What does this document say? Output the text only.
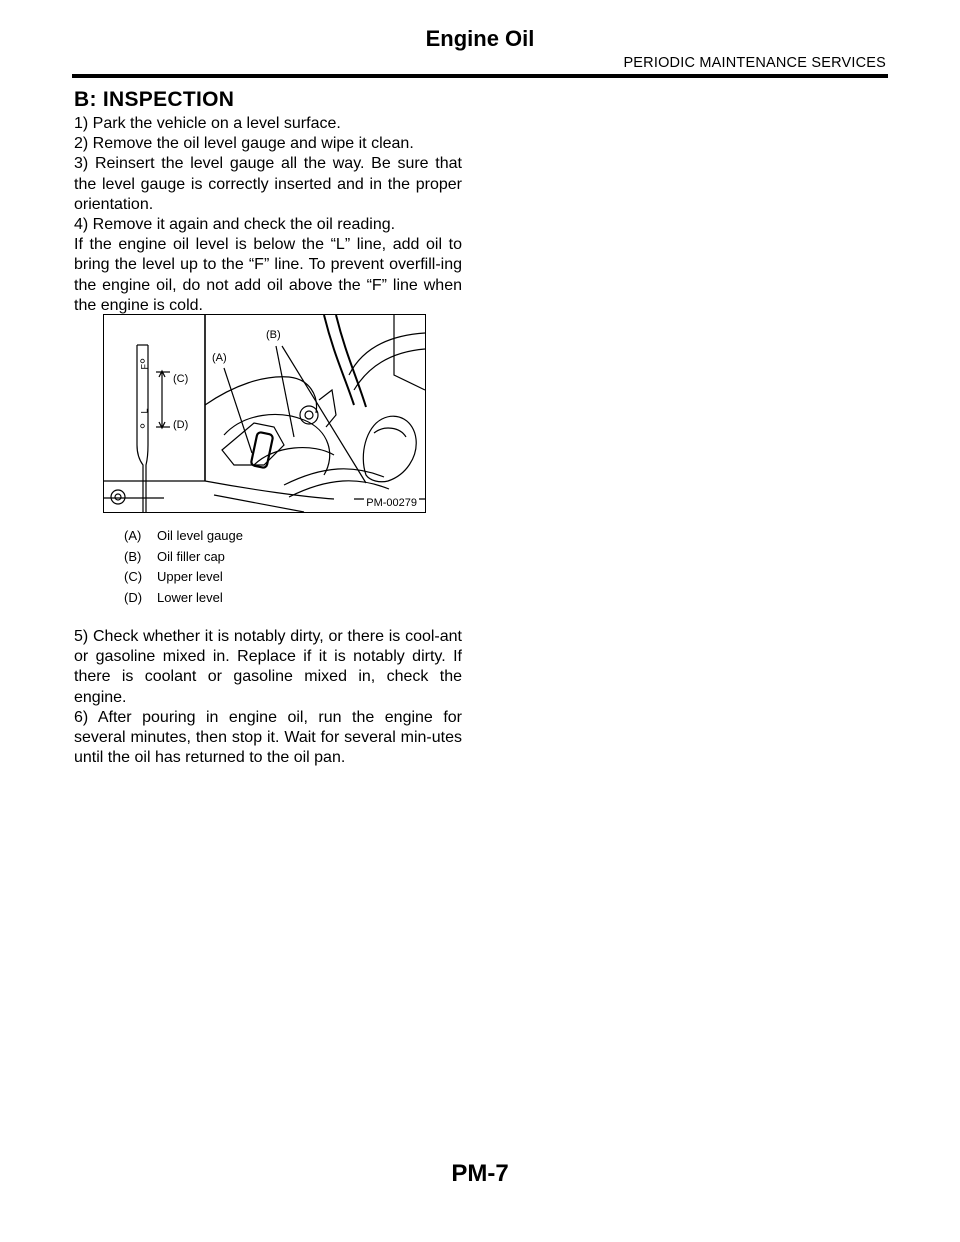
Engine Oil
PERIODIC MAINTENANCE SERVICES
B: INSPECTION

1) Park the vehicle on a level surface.

2) Remove the oil level gauge and wipe it clean.

3) Reinsert the level gauge all the way. Be sure that the level gauge is correctly inserted and in the proper orientation.

4) Remove it again and check the oil reading.

If the engine oil level is below the “L” line, add oil to bring the level up to the “F” line. To prevent overfill-ing the engine oil, do not add oil above the “F” line when the engine is cold.

F
L
(C)
(D)
(A)
(B)
PM-00279
(A) Oil level gauge
(B) Oil filler cap
(C) Upper level
(D) Lower level

5) Check whether it is notably dirty, or there is cool-ant or gasoline mixed in. Replace if it is notably dirty. If there is coolant or gasoline mixed in, check the engine.

6) After pouring in engine oil, run the engine for several minutes, then stop it. Wait for several min-utes until the oil has returned to the oil pan.

PM-7
